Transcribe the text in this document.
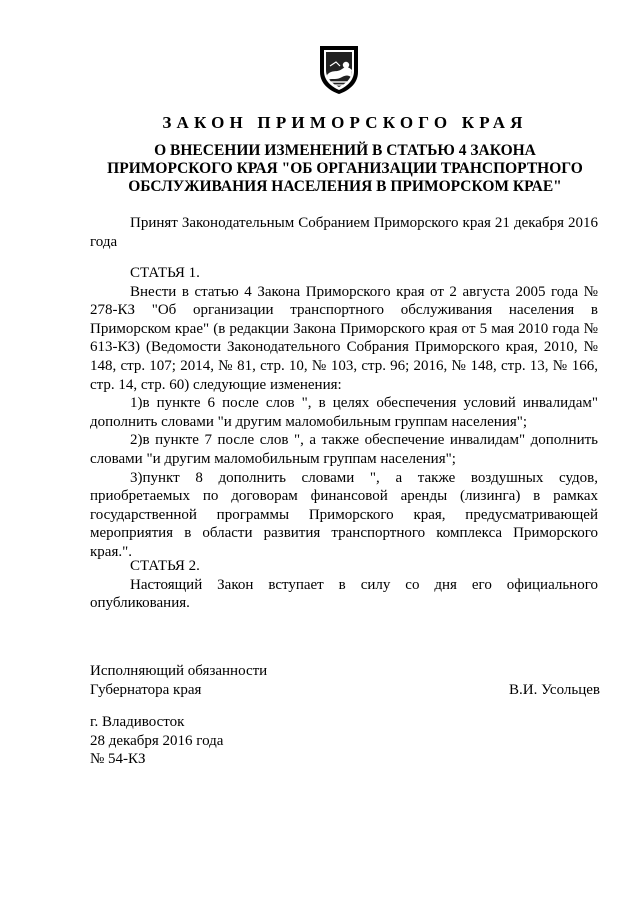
ЗАКОН ПРИМОРСКОГО КРАЯ
О ВНЕСЕНИИ ИЗМЕНЕНИЙ В СТАТЬЮ 4 ЗАКОНА ПРИМОРСКОГО КРАЯ "ОБ ОРГАНИЗАЦИИ ТРАНСПОРТНОГО ОБСЛУЖИВАНИЯ НАСЕЛЕНИЯ В ПРИМОРСКОМ КРАЕ"

Принят Законодательным Собранием Приморского края 21 декабря 2016 года

СТАТЬЯ 1.

Внести в статью 4 Закона Приморского края от 2 августа 2005 года № 278-КЗ "Об организации транспортного обслуживания населения в Приморском крае" (в редакции Закона Приморского края от 5 мая 2010 года № 613-КЗ) (Ведомости Законодательного Собрания Приморского края, 2010, № 148, стр. 107; 2014, № 81, стр. 10, № 103, стр. 96; 2016, № 148, стр. 13, № 166, стр. 14, стр. 60) следующие изменения:

1)в пункте 6 после слов ", в целях обеспечения условий инвалидам" дополнить словами "и другим маломобильным группам населения";

2)в пункте 7 после слов ", а также обеспечение инвалидам" дополнить словами "и другим маломобильным группам населения";

3)пункт 8 дополнить словами ", а также воздушных судов, приобретаемых по договорам финансовой аренды (лизинга) в рамках государственной программы Приморского края, предусматривающей мероприятия в области развития транспортного комплекса Приморского края.".

СТАТЬЯ 2.

Настоящий Закон вступает в силу со дня его официального опубликования.

Исполняющий обязанности
Губернатора края	В.И. Усольцев
г. Владивосток
28 декабря 2016 года
№ 54-КЗ
